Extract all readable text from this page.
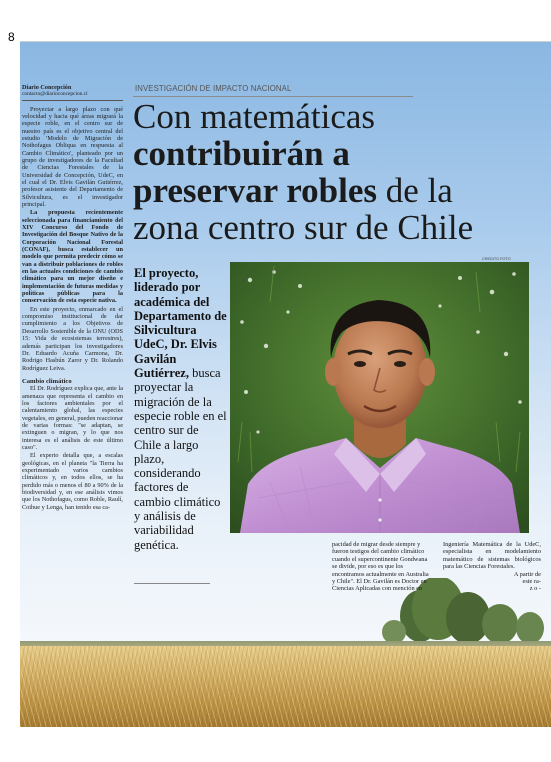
8
Diario Concepción
contacto@diarioconcepcion.cl

Proyectar a largo plazo con qué velocidad y hacia qué áreas migrará la especie roble, en el centro sur de nuestro país es el objetivo central del estudio 'Modelo de Migración de Nothofagus Obliqua en respuesta al Cambio Climático', planteado por un grupo de investigadores de la Facultad de Ciencias Forestales de la Universidad de Concepción, UdeC, en el cual el Dr. Elvis Gavilán Gutiérrez, profesor asistente del Departamento de Silvicultura, es el investigador principal.

La propuesta recientemente seleccionada para financiamiento del XIV Concurso del Fondo de Investigación del Bosque Nativo de la Corporación Nacional Forestal (CONAF), busca establecer un modelo que permita predecir cómo se van a distribuir poblaciones de robles en las actuales condiciones de cambio climático para un mejor diseño e implementación de futuras medidas y políticas públicas para la conservación de esta especie nativa.

En este proyecto, enmarcado en el compromiso institucional de dar cumplimiento a los Objetivos de Desarrollo Sostenible de la ONU (ODS 15: Vida de ecosistemas terrestres), además participan los investigadores Dr. Eduardo Acuña Carmona, Dr. Rodrigo Hasbún Zaror y Dr. Rolando Rodríguez Leiva.

Cambio climático

El Dr. Rodríguez explica que, ante la amenaza que representa el cambio en los factores ambientales por el calentamiento global, las especies vegetales, en general, pueden reaccionar de varias formas: "se adaptan, se extinguen o migran, y lo que nos interesa es el análisis de este último caso".

El experto detalla que, a escalas geológicas, en el planeta "la Tierra ha experimentado varios cambios climáticos y, en todos ellos, se ha perdido más o menos el 80 a 90% de la biodiversidad y, en ese análisis vimos que los Nothofagus, como Roble, Raulí, Coihue y Lenga, han tenido esa ca-

INVESTIGACIÓN DE IMPACTO NACIONAL
Con matemáticas
contribuirán a
preservar robles de la
zona centro sur de Chile
El proyecto, liderado por académica del Departamento de Silvicultura UdeC, Dr. Elvis Gavilán Gutiérrez, busca proyectar la migración de la especie roble en el centro sur de Chile a largo plazo, considerando factores de cambio climático y análisis de variabilidad genética.
CREDITO FOTO
pacidad de migrar desde siempre y fueron testigos del cambio climático cuando el supercontinente Gondwana se divide, por eso es que los encontramos actualmente en Australia y Chile". El Dr. Gavilán es Doctor en Ciencias Aplicadas con mención en
Ingeniería Matemática de la UdeC, especialista en modelamiento matemático de sistemas biológicos para las Ciencias Forestales.
A partir de
este ra-
z o -
